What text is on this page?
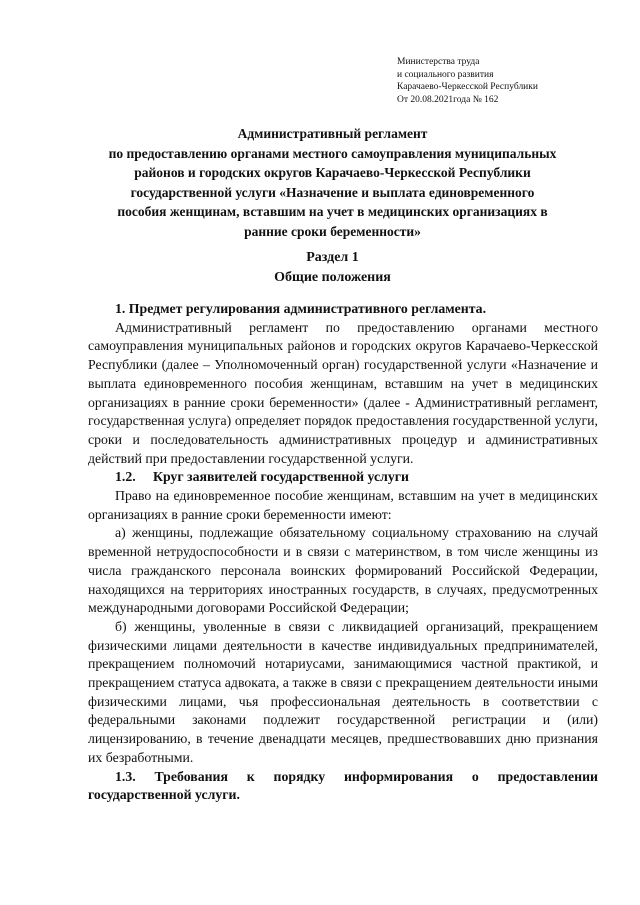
Министерства труда
и социального развития
Карачаево-Черкесской Республики
От 20.08.2021года № 162
Административный регламент
по предоставлению органами местного самоуправления муниципальных
районов и городских округов Карачаево-Черкесской Республики
государственной услуги «Назначение и выплата единовременного
пособия женщинам, вставшим на учет в медицинских организациях в
ранние сроки беременности»
Раздел 1
Общие положения
1. Предмет регулирования административного регламента.

Административный регламент по предоставлению органами местного самоуправления муниципальных районов и городских округов Карачаево-Черкесской Республики (далее – Уполномоченный орган) государственной услуги «Назначение и выплата единовременного пособия женщинам, вставшим на учет в медицинских организациях в ранние сроки беременности» (далее - Административный регламент, государственная услуга) определяет порядок предоставления государственной услуги, сроки и последовательность административных процедур и административных действий при предоставлении государственной услуги.

1.2.     Круг заявителей государственной услуги

Право на единовременное пособие женщинам, вставшим на учет в медицинских организациях в ранние сроки беременности имеют:

а) женщины, подлежащие обязательному социальному страхованию на случай временной нетрудоспособности и в связи с материнством, в том числе женщины из числа гражданского персонала воинских формирований Российской Федерации, находящихся на территориях иностранных государств, в случаях, предусмотренных международными договорами Российской Федерации;

б) женщины, уволенные в связи с ликвидацией организаций, прекращением физическими лицами деятельности в качестве индивидуальных предпринимателей, прекращением полномочий нотариусами, занимающимися частной практикой, и прекращением статуса адвоката, а также в связи с прекращением деятельности иными физическими лицами, чья профессиональная деятельность в соответствии с федеральными законами подлежит государственной регистрации и (или) лицензированию, в течение двенадцати месяцев, предшествовавших дню признания их безработными.

1.3. Требования к порядку информирования о предоставлении государственной услуги.
